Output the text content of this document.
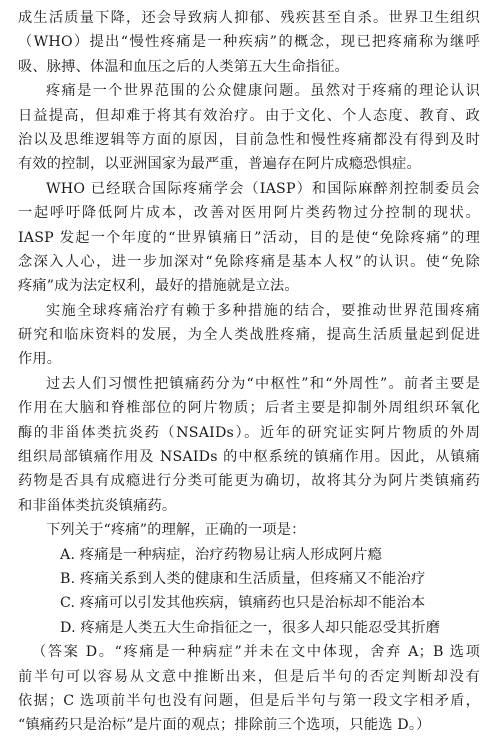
成生活质量下降，还会导致病人抑郁、残疾甚至自杀。世界卫生组织
（WHO）提出“慢性疼痛是一种疾病”的概念，现已把疼痛称为继呼
吸、脉搏、体温和血压之后的人类第五大生命指征。
疼痛是一个世界范围的公众健康问题。虽然对于疼痛的理论认识
日益提高，但却难于将其有效治疗。由于文化、个人态度、教育、政
治以及思维逻辑等方面的原因，目前急性和慢性疼痛都没有得到及时
有效的控制，以亚洲国家为最严重，普遍存在阿片成瘾恐惧症。
WHO 已经联合国际疼痛学会（IASP）和国际麻醉剂控制委员会
一起呼吁降低阿片成本，改善对医用阿片类药物过分控制的现状。
IASP 发起一个年度的“世界镇痛日”活动，目的是使“免除疼痛”的理
念深入人心，进一步加深对“免除疼痛是基本人权”的认识。使“免除
疼痛”成为法定权利，最好的措施就是立法。
实施全球疼痛治疗有赖于多种措施的结合，要推动世界范围疼痛
研究和临床资料的发展，为全人类战胜疼痛，提高生活质量起到促进
作用。
过去人们习惯性把镇痛药分为“中枢性”和“外周性”。前者主要是
作用在大脑和脊椎部位的阿片物质；后者主要是抑制外周组织环氧化
酶的非甾体类抗炎药（NSAIDs）。近年的研究证实阿片物质的外周
组织局部镇痛作用及 NSAIDs 的中枢系统的镇痛作用。因此，从镇痛
药物是否具有成瘾进行分类可能更为确切，故将其分为阿片类镇痛药
和非甾体类抗炎镇痛药。
下列关于“疼痛”的理解，正确的一项是：
A. 疼痛是一种病症，治疗药物易让病人形成阿片瘾
B. 疼痛关系到人类的健康和生活质量，但疼痛又不能治疗
C. 疼痛可以引发其他疾病，镇痛药也只是治标却不能治本
D. 疼痛是人类五大生命指征之一，很多人却只能忍受其折磨
（答案 D。“疼痛是一种病症”并未在文中体现，舍弃 A；B 选项
前半句可以容易从文意中推断出来，但是后半句的否定判断却没有
依据；C 选项前半句也没有问题，但是后半句与第一段文字相矛盾，
“镇痛药只是治标”是片面的观点；排除前三个选项，只能选 D。）
